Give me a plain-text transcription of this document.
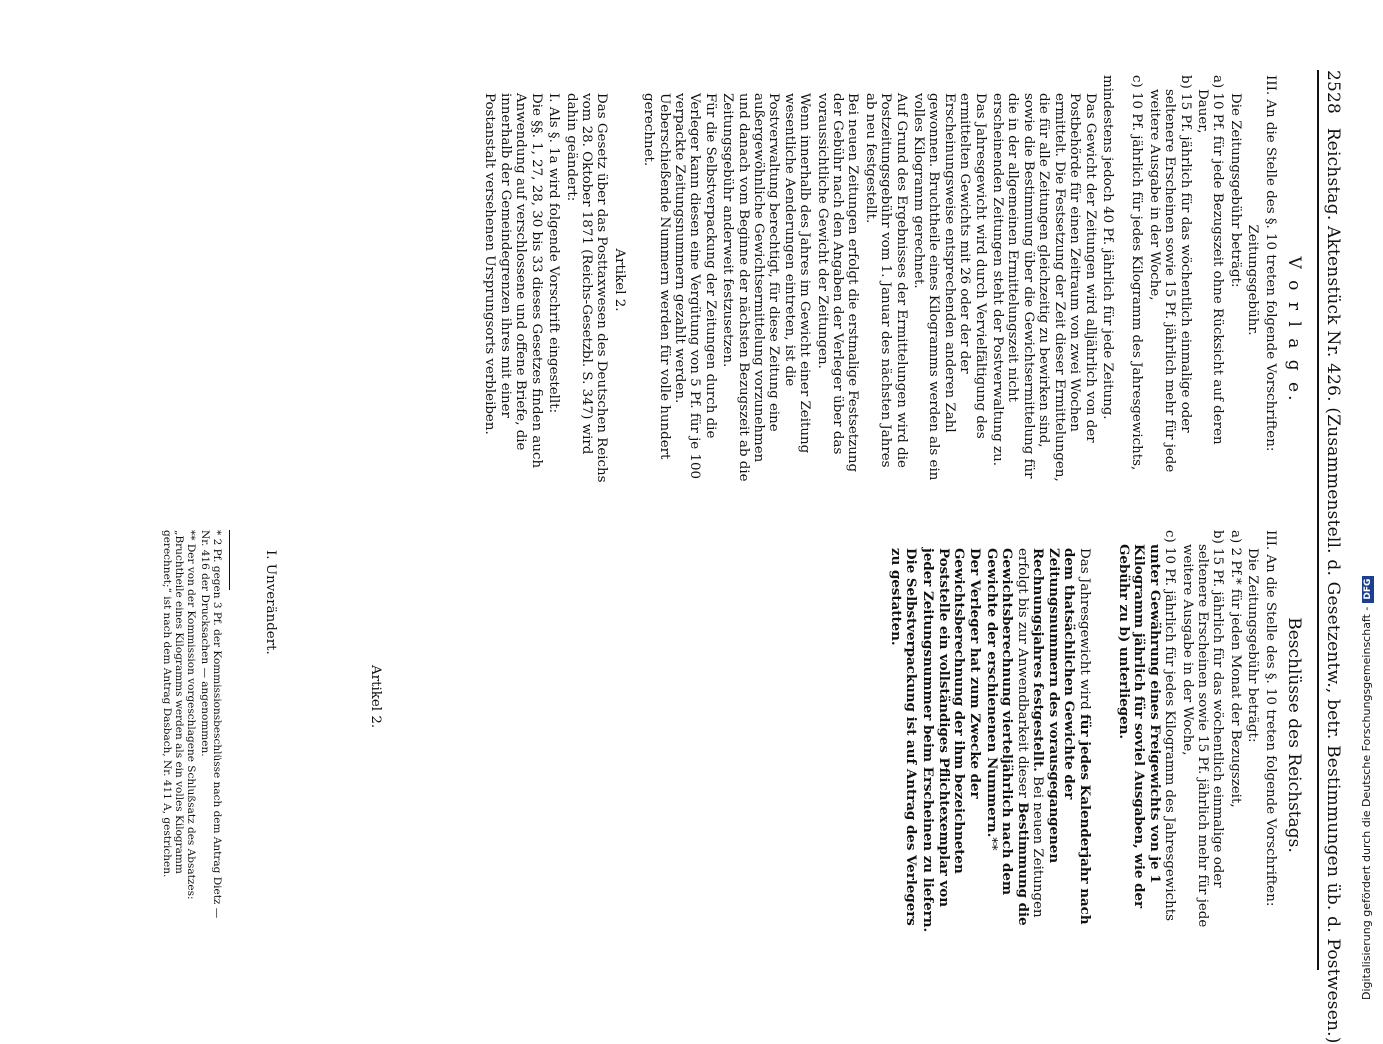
2528 Reichstag. Aktenstück Nr. 426. (Zusammenstell. d. Gesetzentw., betr. Bestimmungen üb. d. Postwesen.)
V o r l a g e.

III. An die Stelle des §. 10 treten folgende Vorschriften:

Zeitungsgebühr.

Die Zeitungsgebühr beträgt:

a) 10 Pf. für jede Bezugszeit ohne Rücksicht auf deren Dauer,

b) 15 Pf. jährlich für das wöchentlich einmalige oder seltenere Erscheinen sowie 15 Pf. jährlich mehr für jede weitere Ausgabe in der Woche,

c) 10 Pf. jährlich für jedes Kilogramm des Jahresgewichts,

mindestens jedoch 40 Pf. jährlich für jede Zeitung.

Das Gewicht der Zeitungen wird alljährlich von der Postbehörde für einen Zeitraum von zwei Wochen ermittelt. Die Festsetzung der Zeit dieser Ermittelungen, die für alle Zeitungen gleichzeitig zu bewirken sind, sowie die Bestimmung über die Gewichtsermittelung für die in der allgemeinen Ermittelungszeit nicht erscheinenden Zeitungen steht der Postverwaltung zu.

Das Jahresgewicht wird durch Vervielfältigung des ermittelten Gewichts mit 26 oder der der Erscheinungsweise entsprechenden anderen Zahl gewonnen. Bruchtheile eines Kilogramms werden als ein volles Kilogramm gerechnet.

Auf Grund des Ergebnisses der Ermittelungen wird die Postzeitungsgebühr vom 1. Januar des nächsten Jahres ab neu festgestellt.

Bei neuen Zeitungen erfolgt die erstmalige Festsetzung der Gebühr nach den Angaben der Verleger über das voraussichtliche Gewicht der Zeitungen.

Wenn innerhalb des Jahres im Gewicht einer Zeitung wesentliche Aenderungen eintreten, ist die Postverwaltung berechtigt, für diese Zeitung eine außergewöhnliche Gewichtsermittelung vorzunehmen und danach vom Beginne der nächsten Bezugszeit ab die Zeitungsgebühr anderweit festzusetzen.

Für die Selbstverpackung der Zeitungen durch die Verleger kann diesen eine Vergütung von 5 Pf. für je 100 verpackte Zeitungsnummern gezahlt werden. Ueberschießende Nummern werden für volle hundert gerechnet.

Artikel 2.

Das Gesetz über das Posttaxwesen des Deutschen Reichs vom 28. Oktober 1871 (Reichs-Gesetzbl. S. 347) wird dahin geändert:

I. Als §. 1a wird folgende Vorschrift eingestellt:

Die §§. 1, 27, 28, 30 bis 33 dieses Gesetzes finden auch Anwendung auf verschlossene und offene Briefe, die innerhalb der Gemeindegrenzen ihres mit einer Postanstalt versehenen Ursprungsorts verbleiben.

Beschlüsse des Reichstags.

III. An die Stelle des §. 10 treten folgende Vorschriften:

Die Zeitungsgebühr beträgt:

a) 2 Pf.* für jeden Monat der Bezugszeit,

b) 15 Pf. jährlich für das wöchentlich einmalige oder seltenere Erscheinen sowie 15 Pf. jährlich mehr für jede weitere Ausgabe in der Woche,

c) 10 Pf. jährlich für jedes Kilogramm des Jahresgewichts unter Gewährung eines Freigewichts von je 1 Kilogramm jährlich für soviel Ausgaben, wie der Gebühr zu b) unterliegen.

Das Jahresgewicht wird für jedes Kalenderjahr nach dem thatsächlichen Gewichte der Zeitungsnummern des vorausgegangenen Rechnungsjahres festgestellt. Bei neuen Zeitungen erfolgt bis zur Anwendbarkeit dieser Bestimmung die Gewichtsberechnung vierteljährlich nach dem Gewichte der erschienenen Nummern.**

Der Verleger hat zum Zwecke der Gewichtsberechnung der ihm bezeichneten Poststelle ein vollständiges Pflichtexemplar von jeder Zeitungsnummer beim Erscheinen zu liefern.

Die Selbstverpackung ist auf Antrag des Verlegers zu gestatten.

I. Unverändert.
Artikel 2.

* 2 Pf. gegen 3 Pf. der Kommissionsbeschlüsse nach dem Antrag Dietz — Nr. 416 der Drucksachen — angenommen.

** Der von der Kommission vorgeschlagene Schlußsatz des Absatzes: „Bruchtheile eines Kilogramms werden als ein volles Kilogramm gerechnet;“ ist nach dem Antrag Dasbach, Nr. 411 A, gestrichen.	Digitalisierung gefördert durch die Deutsche Forschungsgemeinschaft -DFG
